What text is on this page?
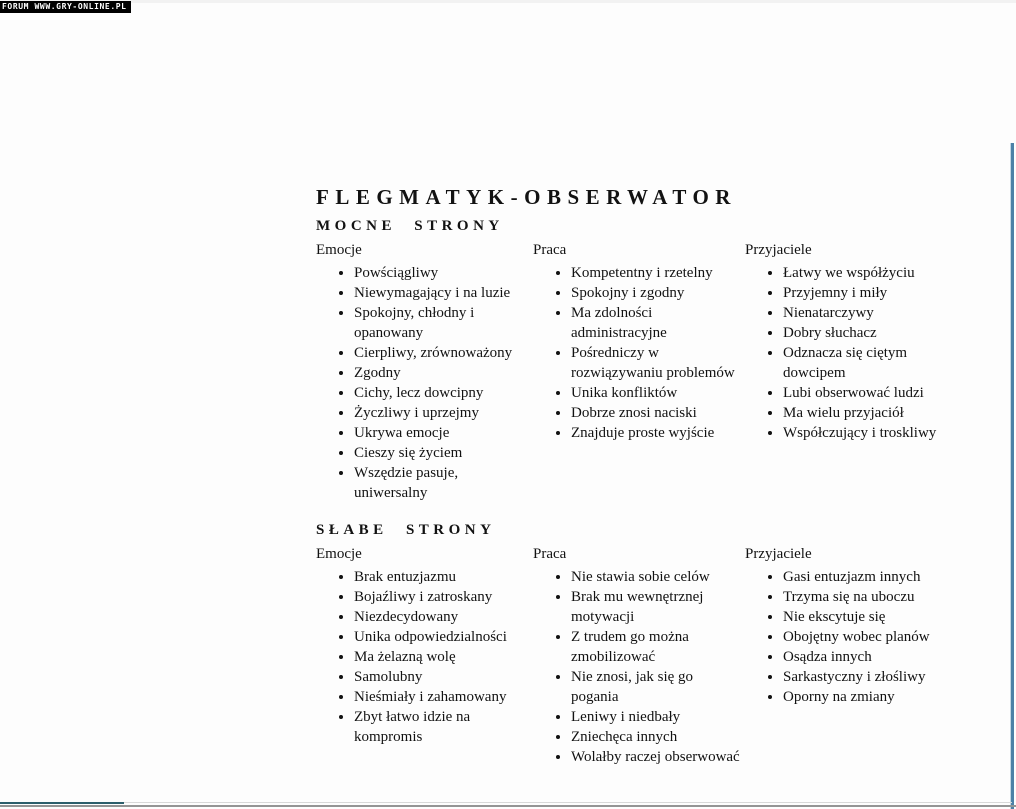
FORUM WWW.GRY-ONLINE.PL
FLEGMATYK-OBSERWATOR
MOCNE STRONY
Emocje
• Powściągliwy
• Niewymagający i na luzie
• Spokojny, chłodny i opanowany
• Cierpliwy, zrównoważony
• Zgodny
• Cichy, lecz dowcipny
• Życzliwy i uprzejmy
• Ukrywa emocje
• Cieszy się życiem
• Wszędzie pasuje, uniwersalny
Praca
• Kompetentny i rzetelny
• Spokojny i zgodny
• Ma zdolności administracyjne
• Pośredniczy w rozwiązywaniu problemów
• Unika konfliktów
• Dobrze znosi naciski
• Znajduje proste wyjście
Przyjaciele
• Łatwy we współżyciu
• Przyjemny i miły
• Nienatarczywy
• Dobry słuchacz
• Odznacza się ciętym dowcipem
• Lubi obserwować ludzi
• Ma wielu przyjaciół
• Współczujący i troskliwy
SŁABE STRONY
Emocje
• Brak entuzjazmu
• Bojaźliwy i zatroskany
• Niezdecydowany
• Unika odpowiedzialności
• Ma żelazną wolę
• Samolubny
• Nieśmiały i zahamowany
• Zbyt łatwo idzie na kompromis
Praca
• Nie stawia sobie celów
• Brak mu wewnętrznej motywacji
• Z trudem go można zmobilizować
• Nie znosi, jak się go pogania
• Leniwy i niedbały
• Zniechęca innych
• Wolałby raczej obserwować
Przyjaciele
• Gasi entuzjazm innych
• Trzyma się na uboczu
• Nie ekscytuje się
• Obojętny wobec planów
• Osądza innych
• Sarkastyczny i złośliwy
• Oporny na zmiany
